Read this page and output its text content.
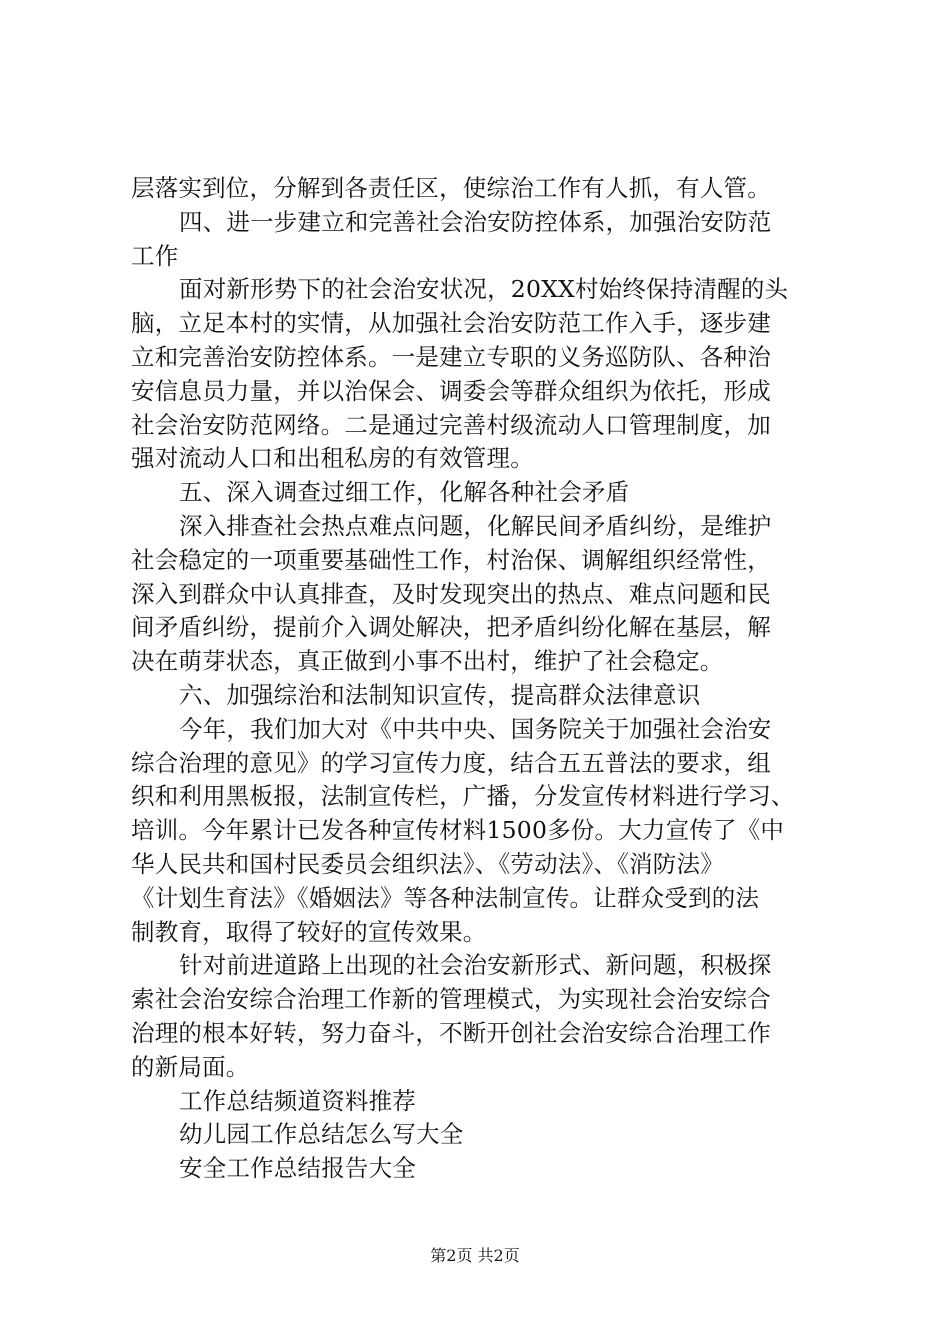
层落实到位，分解到各责任区，使综治工作有人抓，有人管。
四、进一步建立和完善社会治安防控体系，加强治安防范
工作
面对新形势下的社会治安状况，20XX村始终保持清醒的头
脑，立足本村的实情，从加强社会治安防范工作入手，逐步建
立和完善治安防控体系。一是建立专职的义务巡防队、各种治
安信息员力量，并以治保会、调委会等群众组织为依托，形成
社会治安防范网络。二是通过完善村级流动人口管理制度，加
强对流动人口和出租私房的有效管理。
五、深入调查过细工作，化解各种社会矛盾
深入排查社会热点难点问题，化解民间矛盾纠纷，是维护
社会稳定的一项重要基础性工作，村治保、调解组织经常性，
深入到群众中认真排查，及时发现突出的热点、难点问题和民
间矛盾纠纷，提前介入调处解决，把矛盾纠纷化解在基层，解
决在萌芽状态，真正做到小事不出村，维护了社会稳定。
六、加强综治和法制知识宣传，提高群众法律意识
今年，我们加大对《中共中央、国务院关于加强社会治安
综合治理的意见》的学习宣传力度，结合五五普法的要求，组
织和利用黑板报，法制宣传栏，广播，分发宣传材料进行学习、
培训。今年累计已发各种宣传材料1500多份。大力宣传了《中
华人民共和国村民委员会组织法》、《劳动法》、《消防法》
《计划生育法》《婚姻法》等各种法制宣传。让群众受到的法
制教育，取得了较好的宣传效果。
针对前进道路上出现的社会治安新形式、新问题，积极探
索社会治安综合治理工作新的管理模式，为实现社会治安综合
治理的根本好转，努力奋斗，不断开创社会治安综合治理工作
的新局面。
工作总结频道资料推荐
幼儿园工作总结怎么写大全
安全工作总结报告大全
第2页 共2页
